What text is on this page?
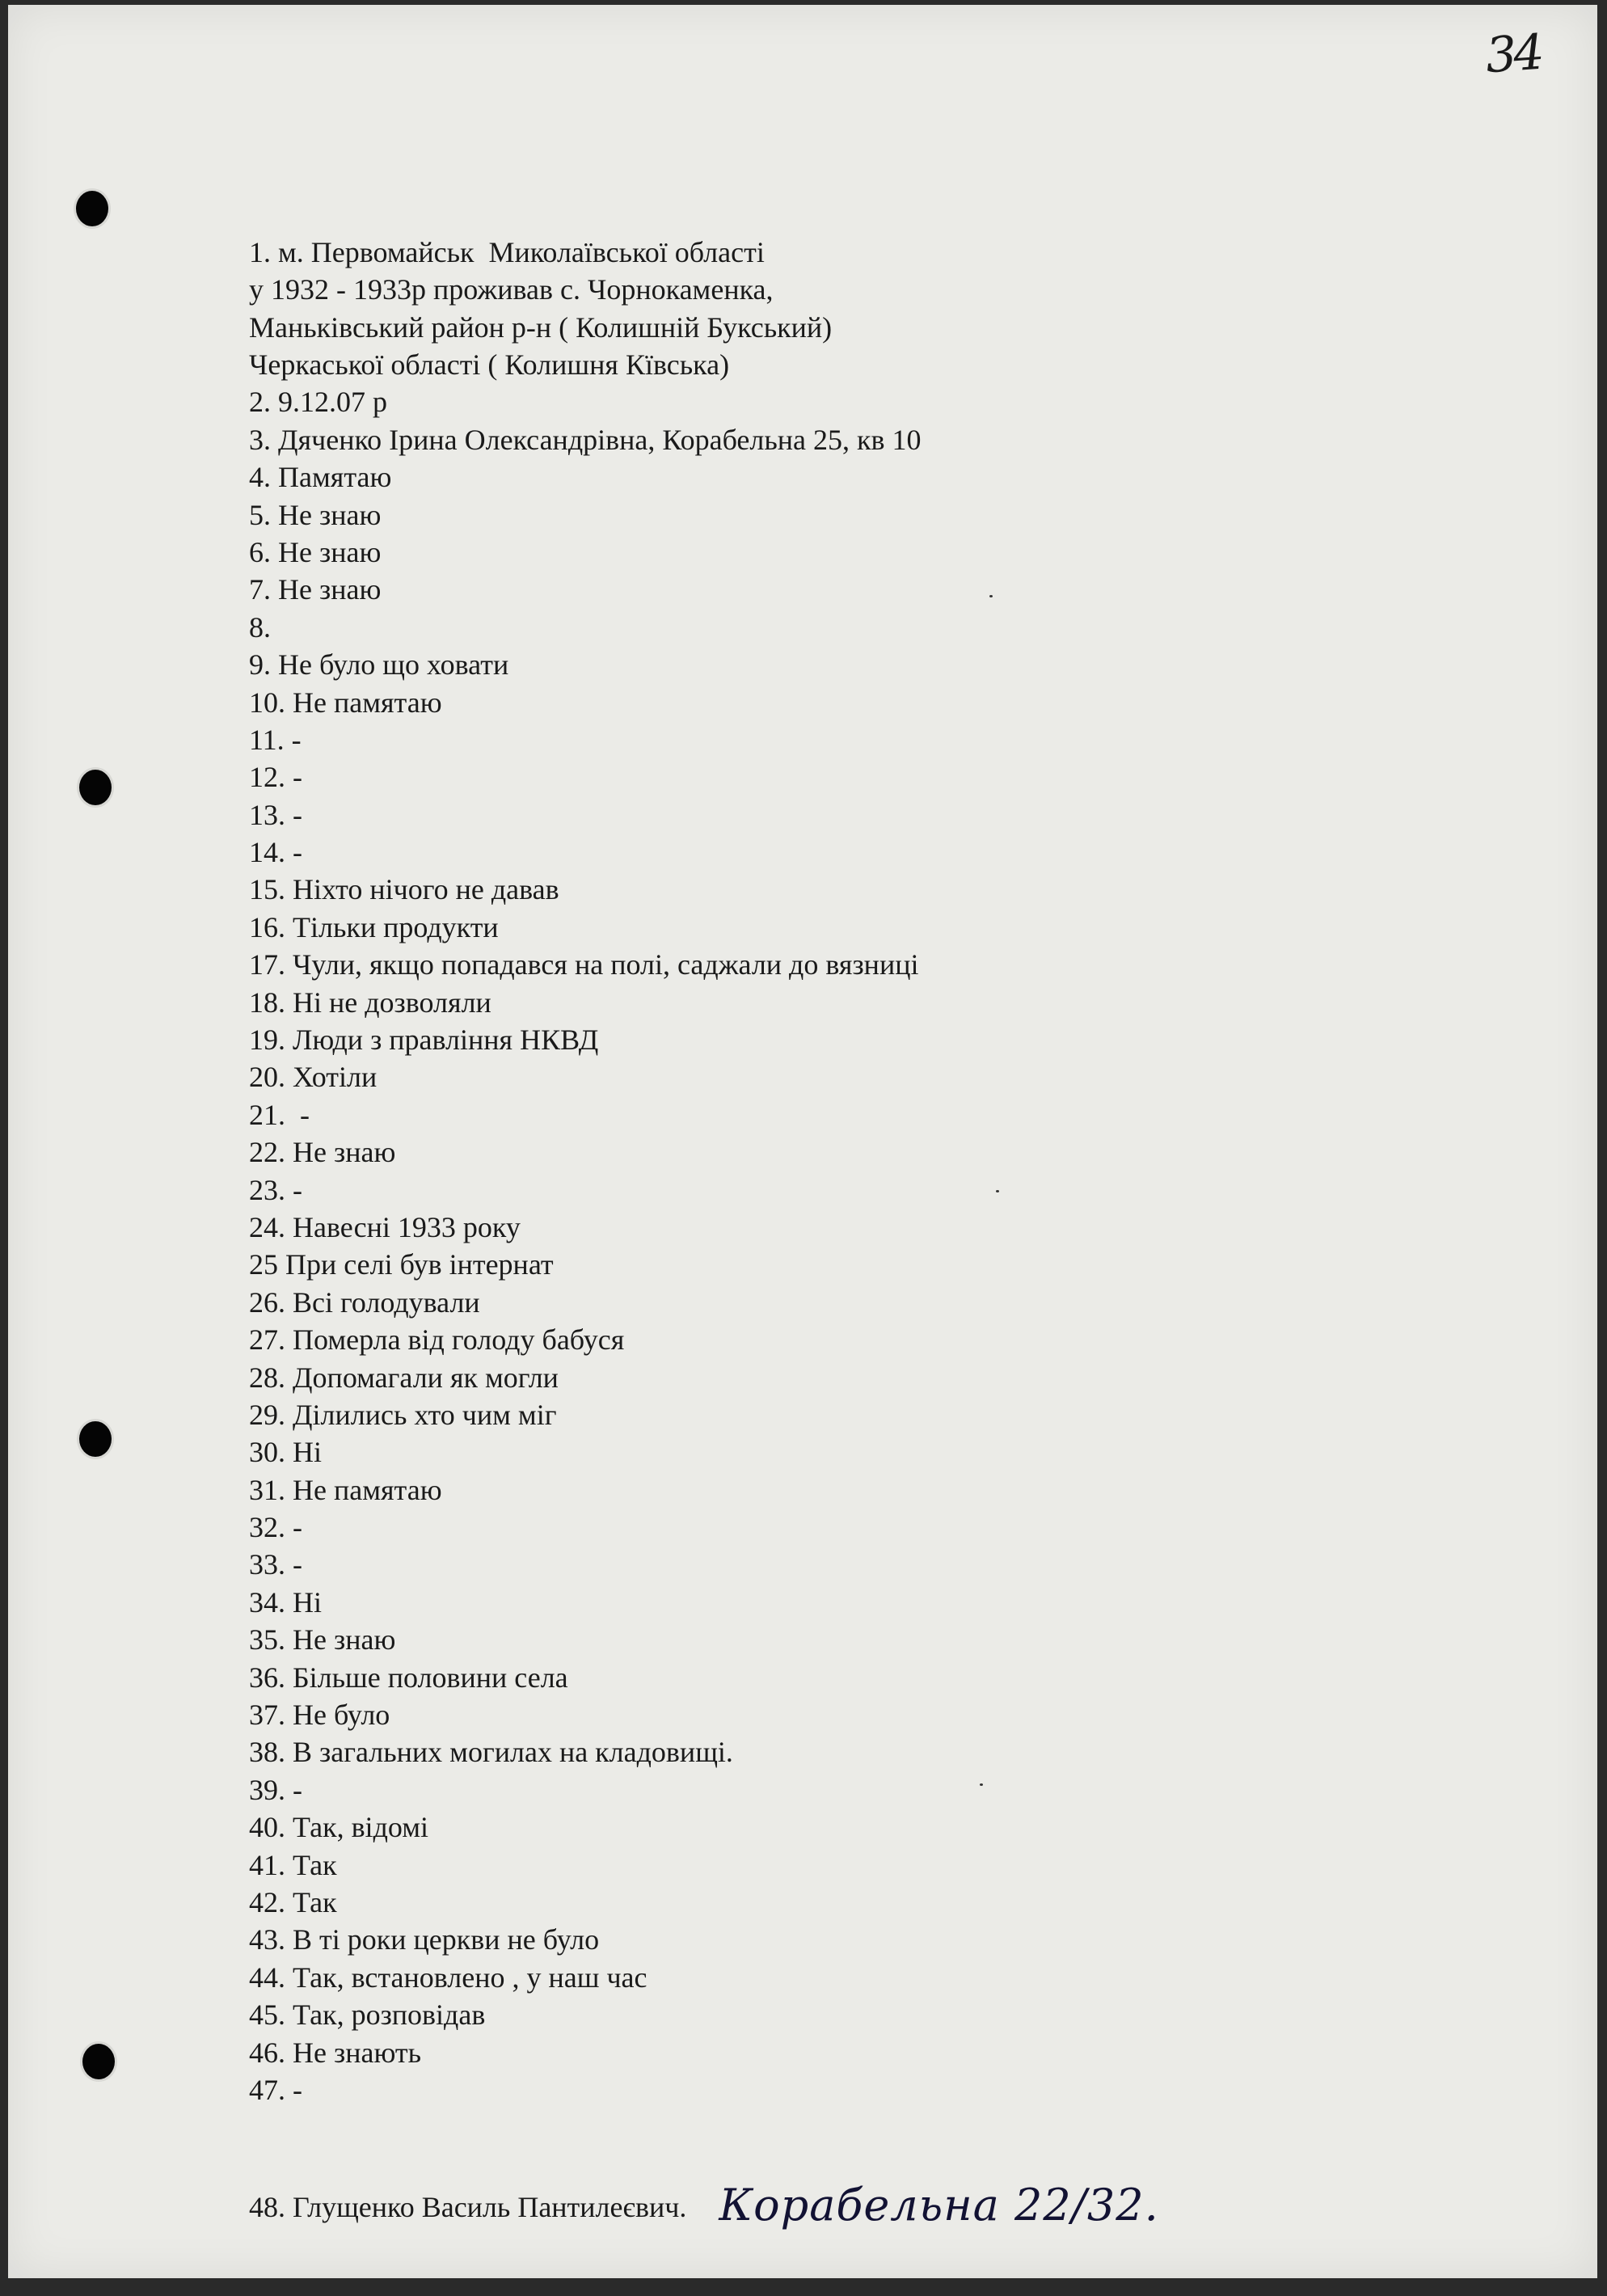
34

1. м. Первомайськ  Миколаївської області
у 1932 - 1933р проживав с. Чорнокаменка,
Маньківський район р-н ( Колишній Букський)
Черкаської області ( Колишня Кївська)
2. 9.12.07 р
3. Дяченко Ірина Олександрівна, Корабельна 25, кв 10
4. Памятаю
5. Не знаю
6. Не знаю
7. Не знаю
8.
9. Не було що ховати
10. Не памятаю
11. -
12. -
13. -
14. -
15. Ніхто нічого не давав
16. Тільки продукти
17. Чули, якщо попадався на полі, саджали до вязниці
18. Ні не дозволяли
19. Люди з правління НКВД
20. Хотіли
21.  -
22. Не знаю
23. -
24. Навесні 1933 року
25 При селі був інтернат
26. Всі голодували
27. Померла від голоду бабуся
28. Допомагали як могли
29. Ділились хто чим міг
30. Ні
31. Не памятаю
32. -
33. -
34. Ні
35. Не знаю
36. Більше половини села
37. Не було
38. В загальних могилах на кладовищі.
39. -
40. Так, відомі
41. Так
42. Так
43. В ті роки церкви не було
44. Так, встановлено , у наш час
45. Так, розповідав
46. Не знають
47. -

48. Глущенко Василь Пантилеєвич. Корабельна 22/32.
